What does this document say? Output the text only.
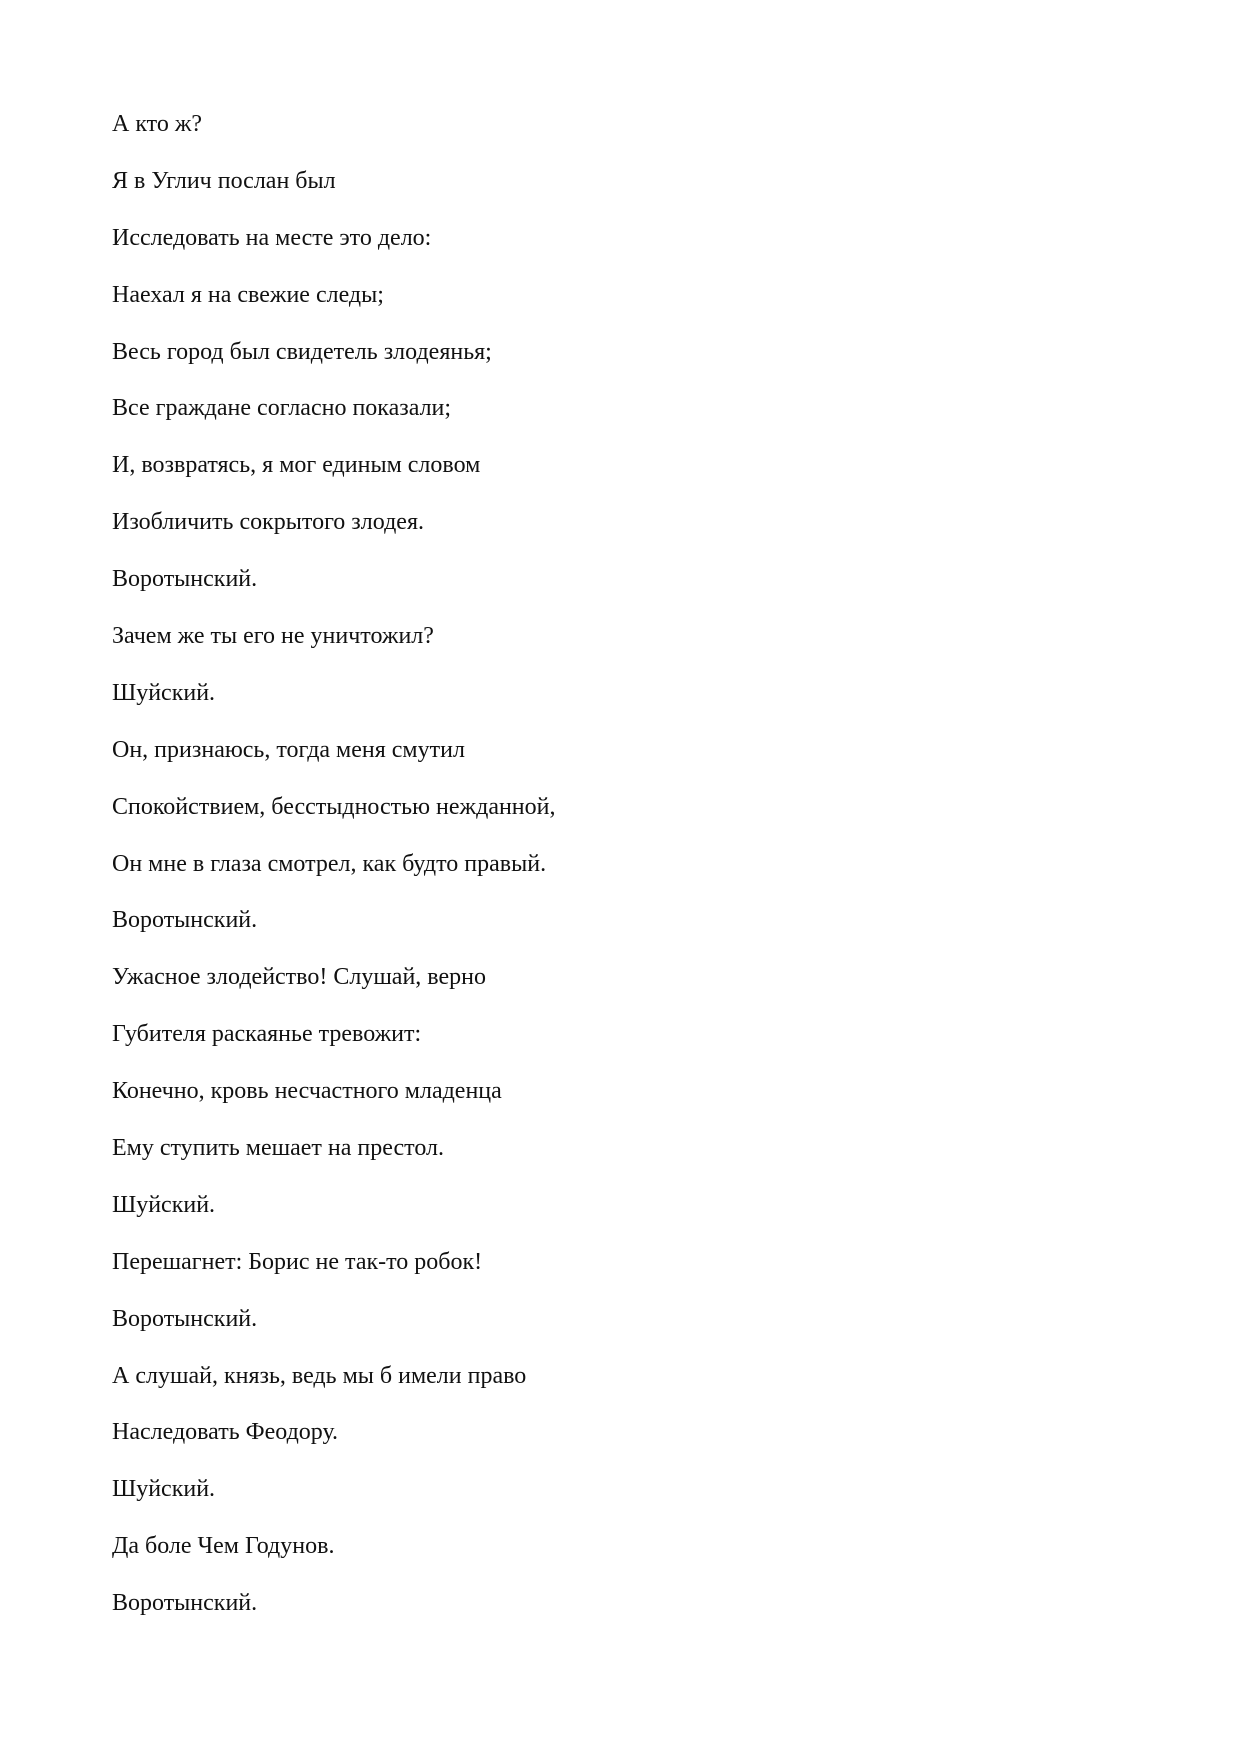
А кто ж?
Я в Углич послан был
Исследовать на месте это дело:
Наехал я на свежие следы;
Весь город был свидетель злодеянья;
Все граждане согласно показали;
И, возвратясь, я мог единым словом
Изобличить сокрытого злодея.
Воротынский.
Зачем же ты его не уничтожил?
Шуйский.
Он, признаюсь, тогда меня смутил
Спокойствием, бесстыдностью нежданной,
Он мне в глаза смотрел, как будто правый.
Воротынский.
Ужасное злодейство! Слушай, верно
Губителя раскаянье тревожит:
Конечно, кровь несчастного младенца
Ему ступить мешает на престол.
Шуйский.
Перешагнет: Борис не так-то робок!
Воротынский.
А слушай, князь, ведь мы б имели право
Наследовать Феодору.
Шуйский.
Да боле Чем Годунов.
Воротынский.
